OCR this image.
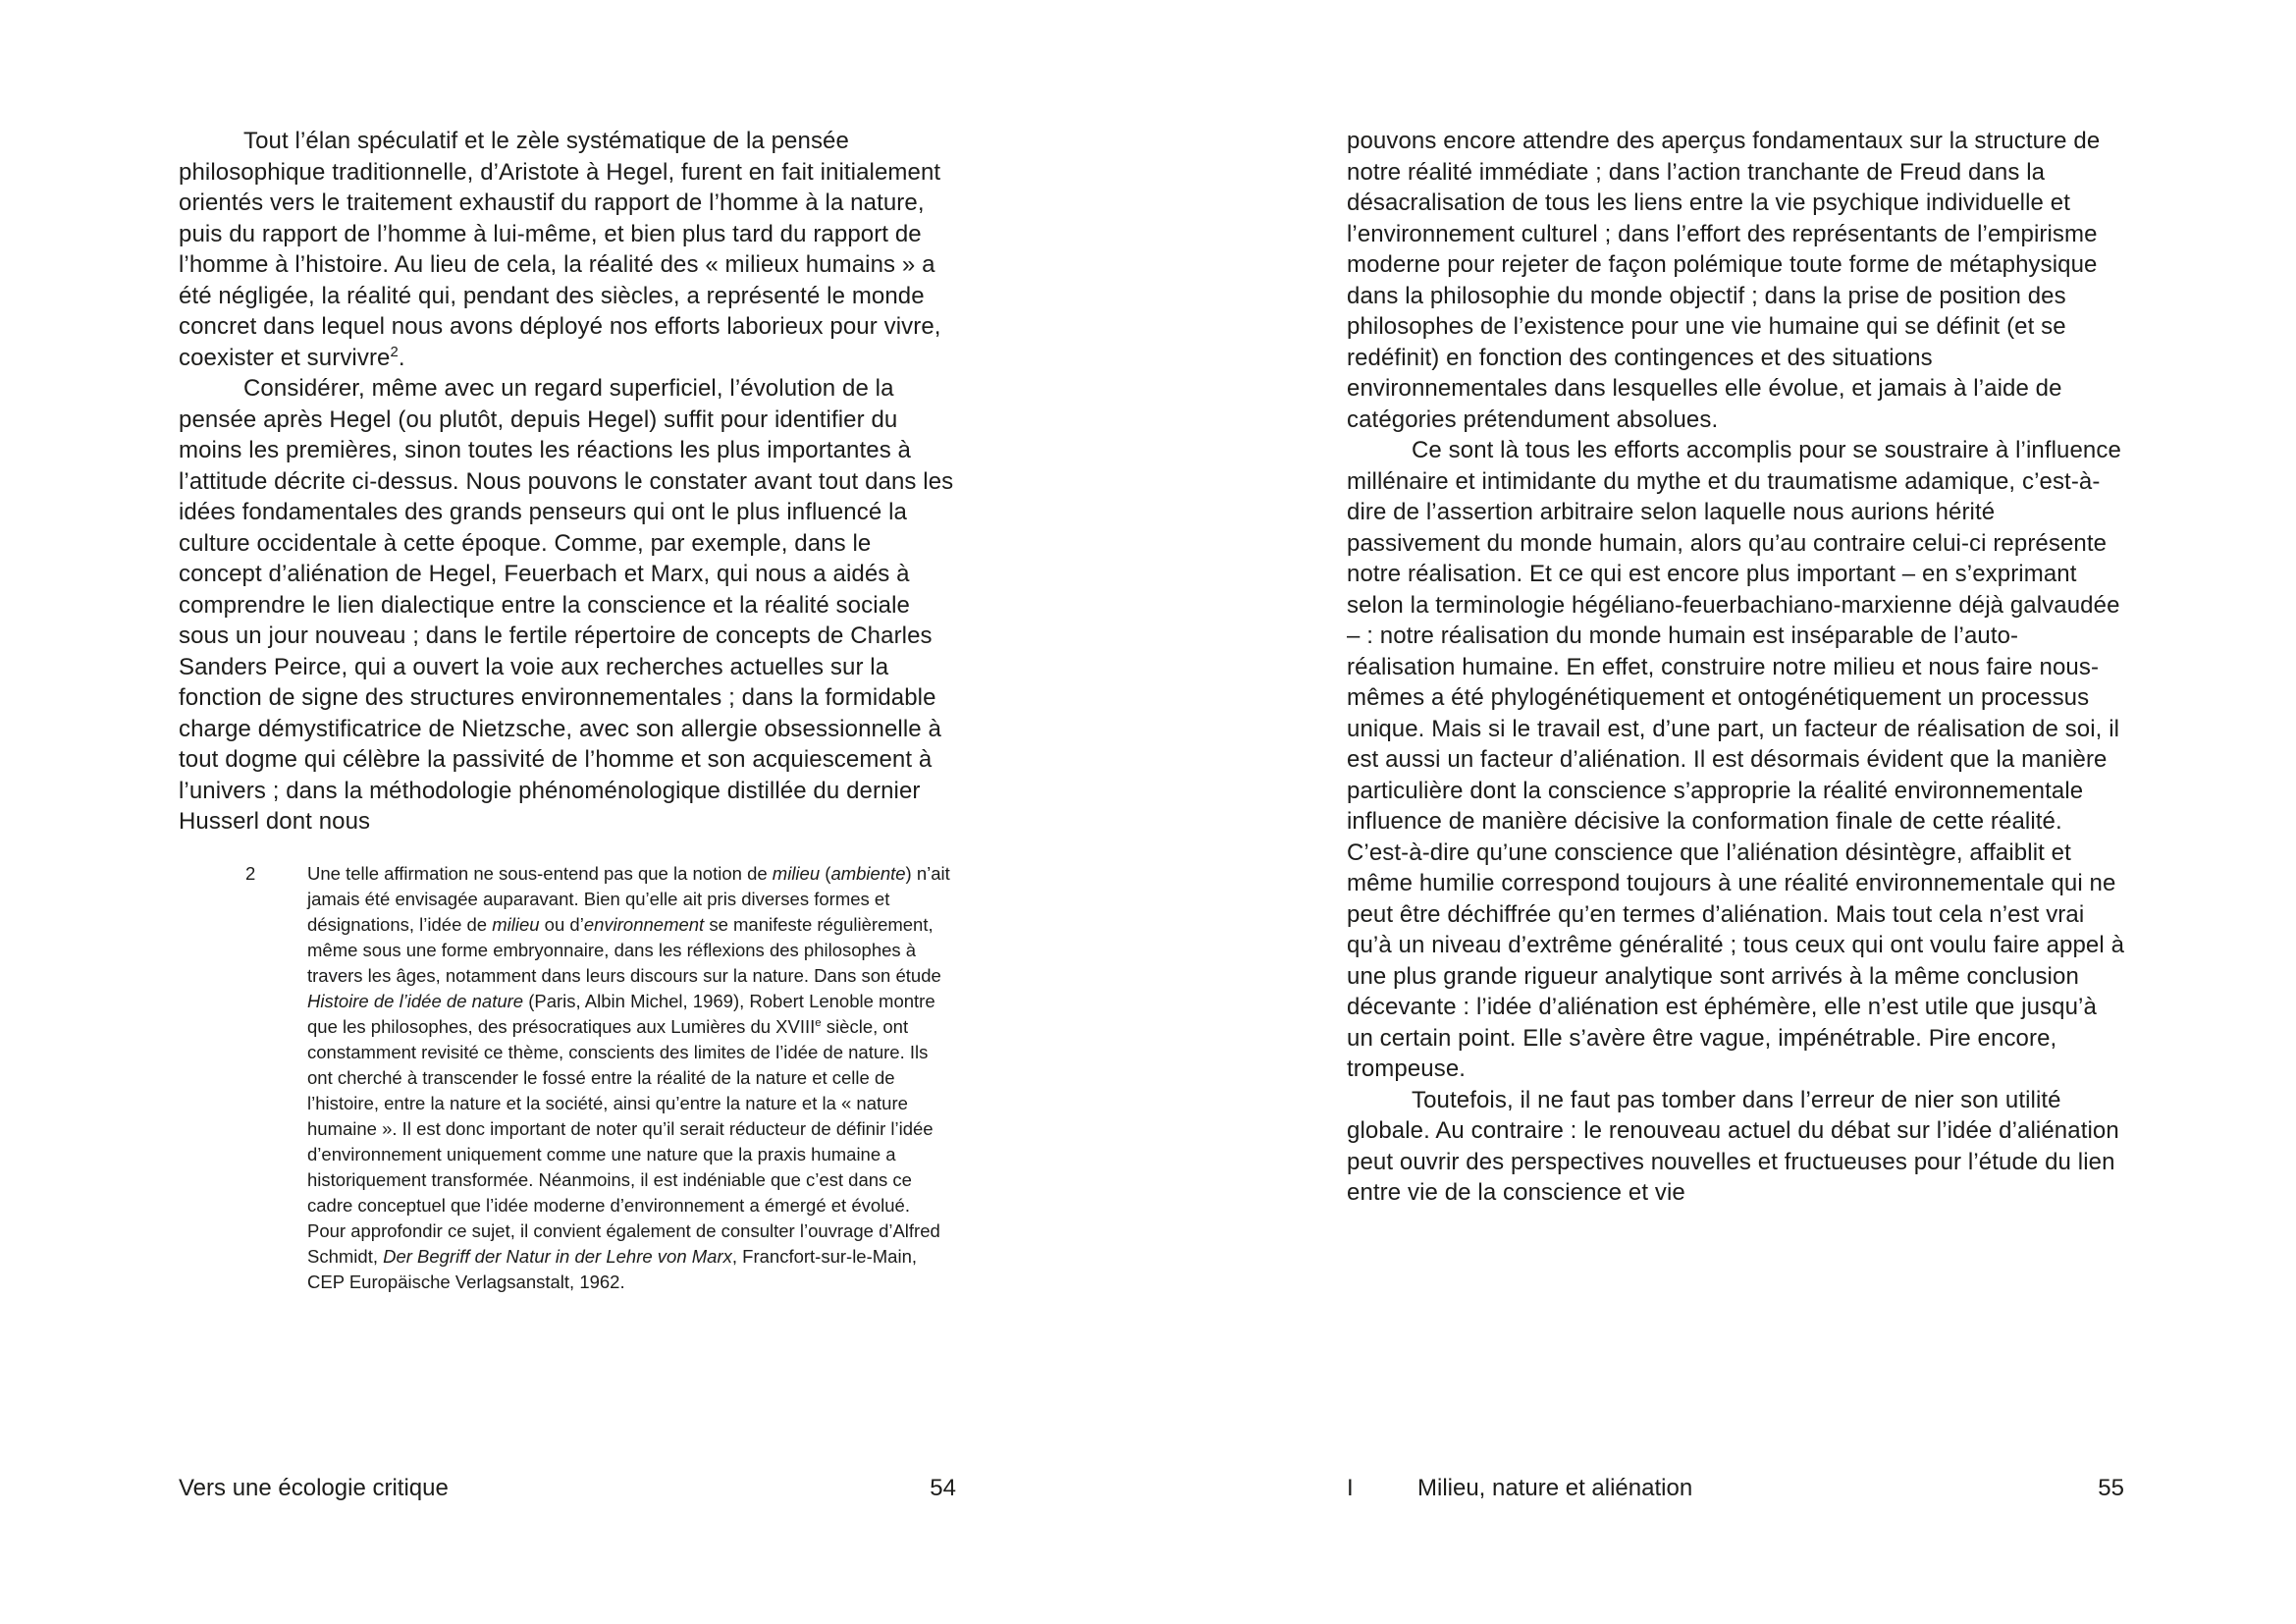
Tout l’élan spéculatif et le zèle systématique de la pensée philosophique traditionnelle, d’Aristote à Hegel, furent en fait initialement orientés vers le traitement exhaustif du rapport de l’homme à la nature, puis du rapport de l’homme à lui-même, et bien plus tard du rapport de l’homme à l’histoire. Au lieu de cela, la réalité des « milieux humains » a été négligée, la réalité qui, pendant des siècles, a représenté le monde concret dans lequel nous avons déployé nos efforts laborieux pour vivre, coexister et survivre$^2$.

Considérer, même avec un regard superficiel, l’évolution de la pensée après Hegel (ou plutôt, depuis Hegel) suffit pour identifier du moins les premières, sinon toutes les réactions les plus importantes à l’attitude décrite ci-dessus. Nous pouvons le constater avant tout dans les idées fondamentales des grands penseurs qui ont le plus influencé la culture occidentale à cette époque. Comme, par exemple, dans le concept d’aliénation de Hegel, Feuerbach et Marx, qui nous a aidés à comprendre le lien dialectique entre la conscience et la réalité sociale sous un jour nouveau ; dans le fertile répertoire de concepts de Charles Sanders Peirce, qui a ouvert la voie aux recherches actuelles sur la fonction de signe des structures environnementales ; dans la formidable charge démystificatrice de Nietzsche, avec son allergie obsessionnelle à tout dogme qui célèbre la passivité de l’homme et son acquiescement à l’univers ; dans la méthodologie phénoménologique distillée du dernier Husserl dont nous

2	Une telle affirmation ne sous-entend pas que la notion de milieu (ambiente) n’ait jamais été envisagée auparavant. Bien qu’elle ait pris diverses formes et désignations, l’idée de milieu ou d’environnement se manifeste régulièrement, même sous une forme embryonnaire, dans les réflexions des philosophes à travers les âges, notamment dans leurs discours sur la nature. Dans son étude Histoire de l’idée de nature (Paris, Albin Michel, 1969), Robert Lenoble montre que les philosophes, des présocratiques aux Lumières du XVIIIe siècle, ont constamment revisité ce thème, conscients des limites de l’idée de nature. Ils ont cherché à transcender le fossé entre la réalité de la nature et celle de l’histoire, entre la nature et la société, ainsi qu’entre la nature et la « nature humaine ». Il est donc important de noter qu’il serait réducteur de définir l’idée d’environnement uniquement comme une nature que la praxis humaine a historiquement transformée. Néanmoins, il est indéniable que c’est dans ce cadre conceptuel que l’idée moderne d’environnement a émergé et évolué. Pour approfondir ce sujet, il convient également de consulter l’ouvrage d’Alfred Schmidt, Der Begriff der Natur in der Lehre von Marx, Francfort-sur-le-Main, CEP Europäische Verlagsanstalt, 1962.

Vers une écologie critique	54

pouvons encore attendre des aperçus fondamentaux sur la structure de notre réalité immédiate ; dans l’action tranchante de Freud dans la désacralisation de tous les liens entre la vie psychique individuelle et l’environnement culturel ; dans l’effort des représentants de l’empirisme moderne pour rejeter de façon polémique toute forme de métaphysique dans la philosophie du monde objectif ; dans la prise de position des philosophes de l’existence pour une vie humaine qui se définit (et se redéfinit) en fonction des contingences et des situations environnementales dans lesquelles elle évolue, et jamais à l’aide de catégories prétendument absolues.

Ce sont là tous les efforts accomplis pour se soustraire à l’influence millénaire et intimidante du mythe et du traumatisme adamique, c’est-à-dire de l’assertion arbitraire selon laquelle nous aurions hérité passivement du monde humain, alors qu’au contraire celui-ci représente notre réalisation. Et ce qui est encore plus important – en s’exprimant selon la terminologie hégéliano-feuerbachiano-marxienne déjà galvaudée – : notre réalisation du monde humain est inséparable de l’auto-réalisation humaine. En effet, construire notre milieu et nous faire nous-mêmes a été phylogénétiquement et ontogénétiquement un processus unique. Mais si le travail est, d’une part, un facteur de réalisation de soi, il est aussi un facteur d’aliénation. Il est désormais évident que la manière particulière dont la conscience s’approprie la réalité environnementale influence de manière décisive la conformation finale de cette réalité. C’est-à-dire qu’une conscience que l’aliénation désintègre, affaiblit et même humilie correspond toujours à une réalité environnementale qui ne peut être déchiffrée qu’en termes d’aliénation. Mais tout cela n’est vrai qu’à un niveau d’extrême généralité ; tous ceux qui ont voulu faire appel à une plus grande rigueur analytique sont arrivés à la même conclusion décevante : l’idée d’aliénation est éphémère, elle n’est utile que jusqu’à un certain point. Elle s’avère être vague, impénétrable. Pire encore, trompeuse.

Toutefois, il ne faut pas tomber dans l’erreur de nier son utilité globale. Au contraire : le renouveau actuel du débat sur l’idée d’aliénation peut ouvrir des perspectives nouvelles et fructueuses pour l’étude du lien entre vie de la conscience et vie

I	Milieu, nature et aliénation	55
